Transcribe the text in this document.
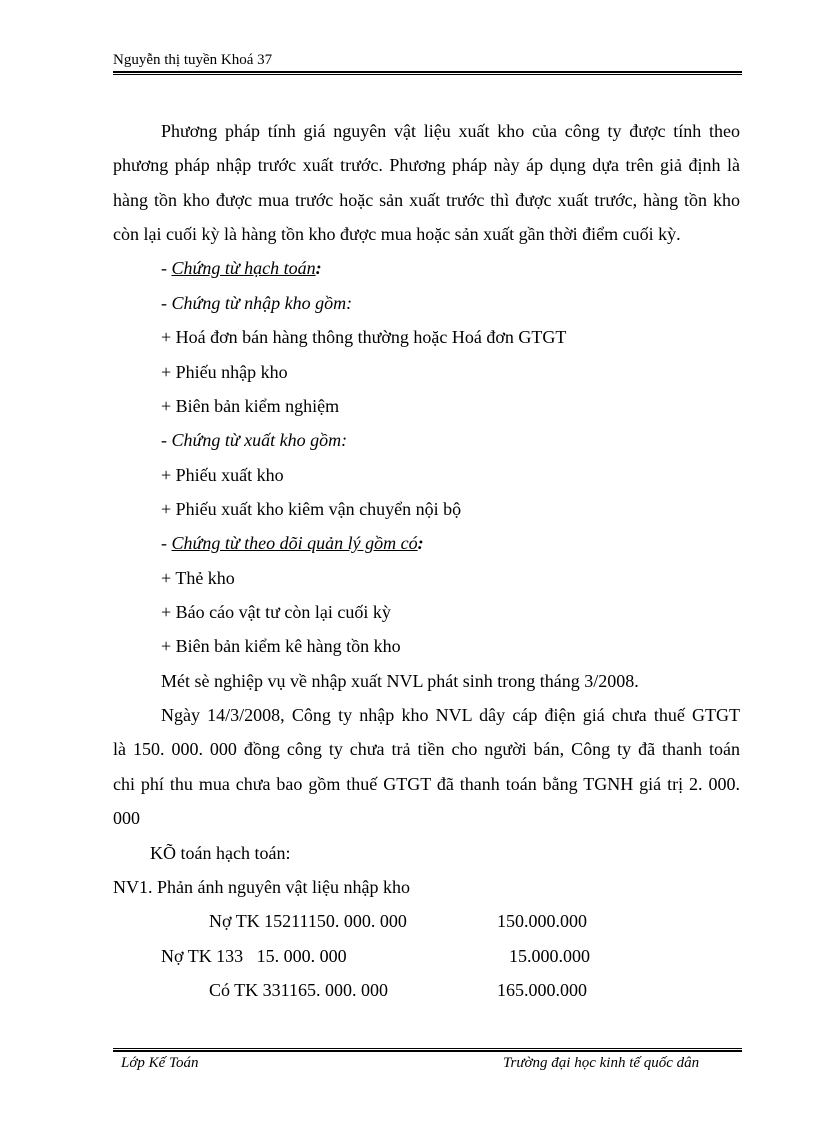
Nguyễn thị tuyền Khoá 37
Phương pháp tính giá nguyên vật liệu xuất kho của công ty được tính theo
phương pháp nhập trước xuất trước. Phương pháp này áp dụng dựa trên giả định là
hàng tồn kho được mua trước hoặc sản xuất trước thì được xuất trước, hàng tồn kho
còn lại cuối kỳ là hàng tồn kho được mua hoặc sản xuất gần thời điểm cuối kỳ.
- Chứng từ hạch toán:
- Chứng từ nhập kho gồm:
+ Hoá đơn bán hàng thông thường hoặc Hoá đơn GTGT
+ Phiếu nhập kho
+ Biên bản kiểm nghiệm
- Chứng từ xuất kho gồm:
+ Phiếu xuất kho
+ Phiếu xuất kho kiêm vận chuyển nội bộ
- Chứng từ theo dõi quản lý gồm có:
+ Thẻ kho
+ Báo cáo vật tư còn lại cuối kỳ
+ Biên bản kiểm kê hàng tồn kho
Mét sè nghiệp vụ về nhập xuất NVL phát sinh trong tháng 3/2008.
Ngày 14/3/2008, Công ty nhập kho NVL dây cáp điện giá chưa thuế GTGT
là 150. 000. 000 đồng công ty chưa trả tiền cho người bán, Công ty đã thanh toán
chi phí thu mua chưa bao gồm thuế GTGT đã thanh toán bằng TGNH giá trị 2. 000.
000
KÕ toán hạch toán:
NV1. Phản ánh nguyên vật liệu nhập kho
Nợ TK 15211150. 000. 000	150.000.000
Nợ TK 133   15. 000. 000	15.000.000
Có TK 331165. 000. 000	165.000.000
Lớp Kế Toán	Trường đại học kinh tế quốc dân
